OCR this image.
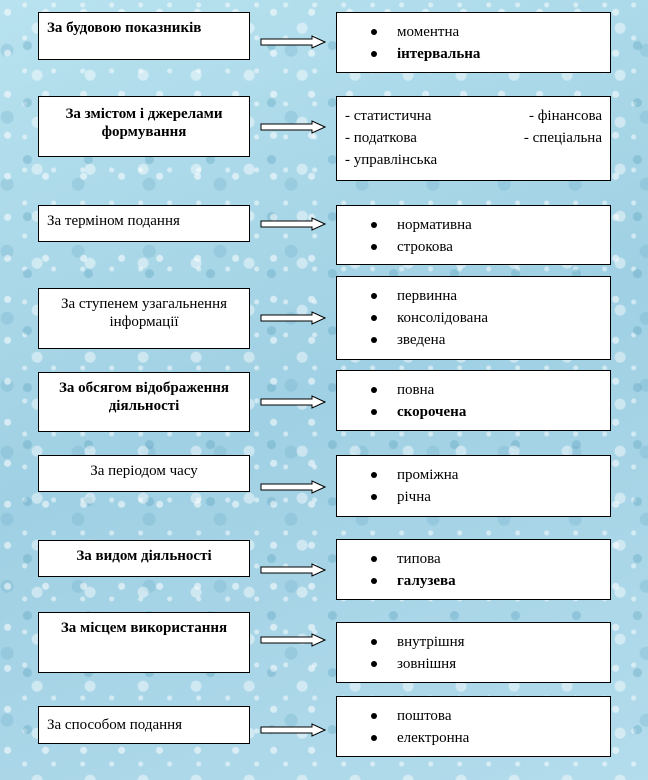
За будовою показників	моментна
інтервальна
За змістом і джерелами формування
- статистична	- фінансова
- податкова	- спеціальна
- управлінська
За терміном подання	нормативна
строкова
За ступенем узагальнення інформації
первинна
консолідована
зведена
За обсягом відображення діяльності
повна
скорочена
За періодом часу	проміжна
річна
За видом діяльності	типова
галузева
За місцем використання
внутрішня
зовнішня
За способом подання
поштова
електронна
